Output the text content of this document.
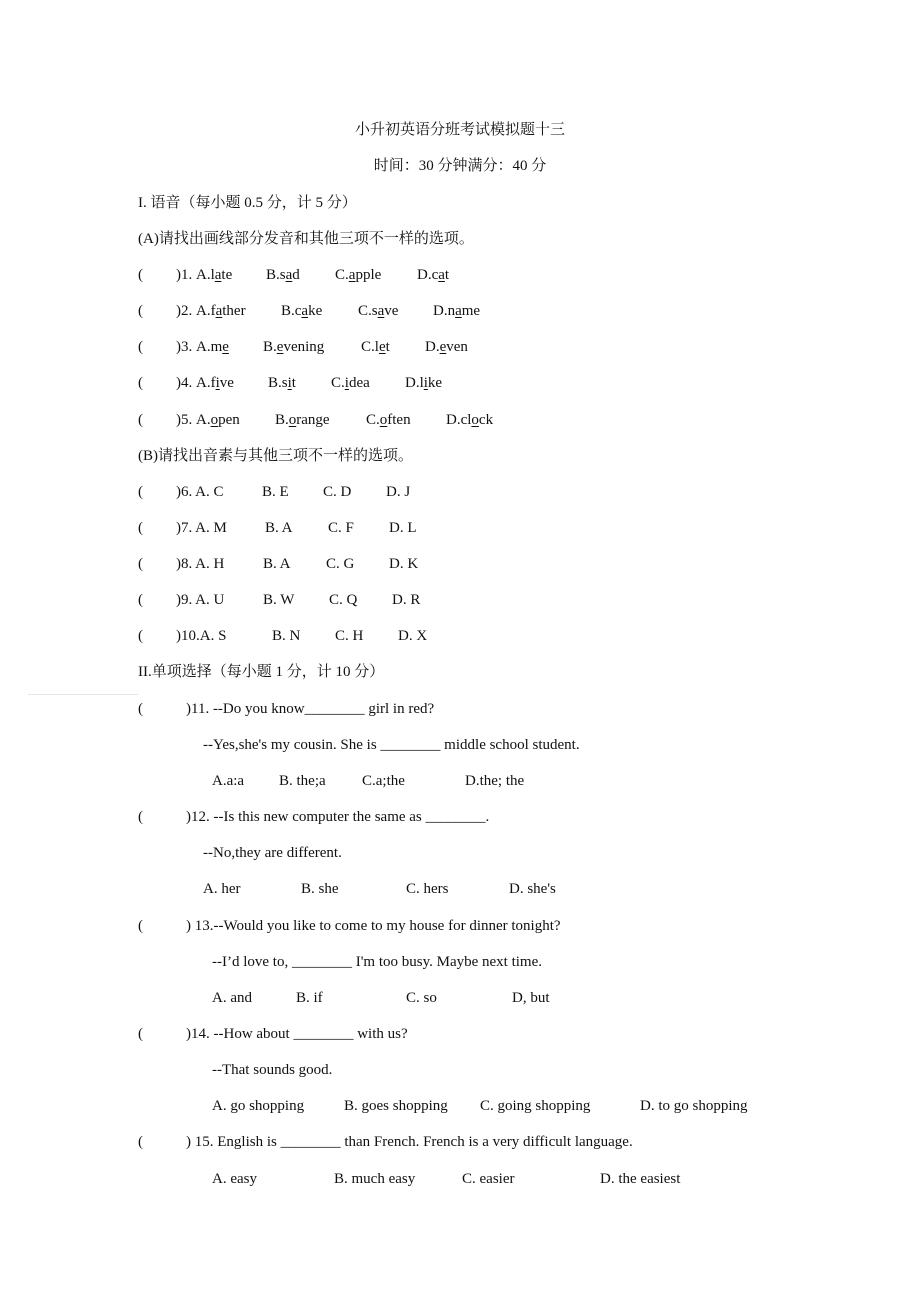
小升初英语分班考试模拟题十三
时间：30 分钟满分：40 分
I. 语音（每小题 0.5 分，计 5 分）
(A)请找出画线部分发音和其他三项不一样的选项。
( )1. A.late B.sad C.apple D.cat
( )2. A.father B.cake C.save D.name
( )3. A.me B.evening C.let D.even
( )4. A.five B.sit C.idea D.like
( )5. A.open B.orange C.often D.clock
(B)请找出音素与其他三项不一样的选项。
( )6. A. C	B. E C. D D. J
( )7. A. M	B. A C. F D. L
( )8. A. H	B. A C. G D. K
( )9. A. U	B. W C. Q D. R
( )10.A. S	B. N C. H D. X
II.单项选择（每小题 1 分，计 10 分）
(	)11. --Do you know________ girl in red?
--Yes,she's my cousin. She is ________ middle school student.
A.a:a B. the;a C.a;the	D.the; the
(	)12. --Is this new computer the same as ________.
--No,they are different.
A. her	B. she	C. hers	D. she's
(	) 13.--Would you like to come to my house for dinner tonight?
--I’d love to, ________ I'm too busy. Maybe next time.
A. and	B. if	C. so	D, but
(	)14. --How about ________ with us?
--That sounds good.
A. go shopping	B. goes shopping C. going shopping	D. to go shopping
(	) 15. English is ________ than French. French is a very difficult language.
A. easy	B. much easy	C. easier	D. the easiest
